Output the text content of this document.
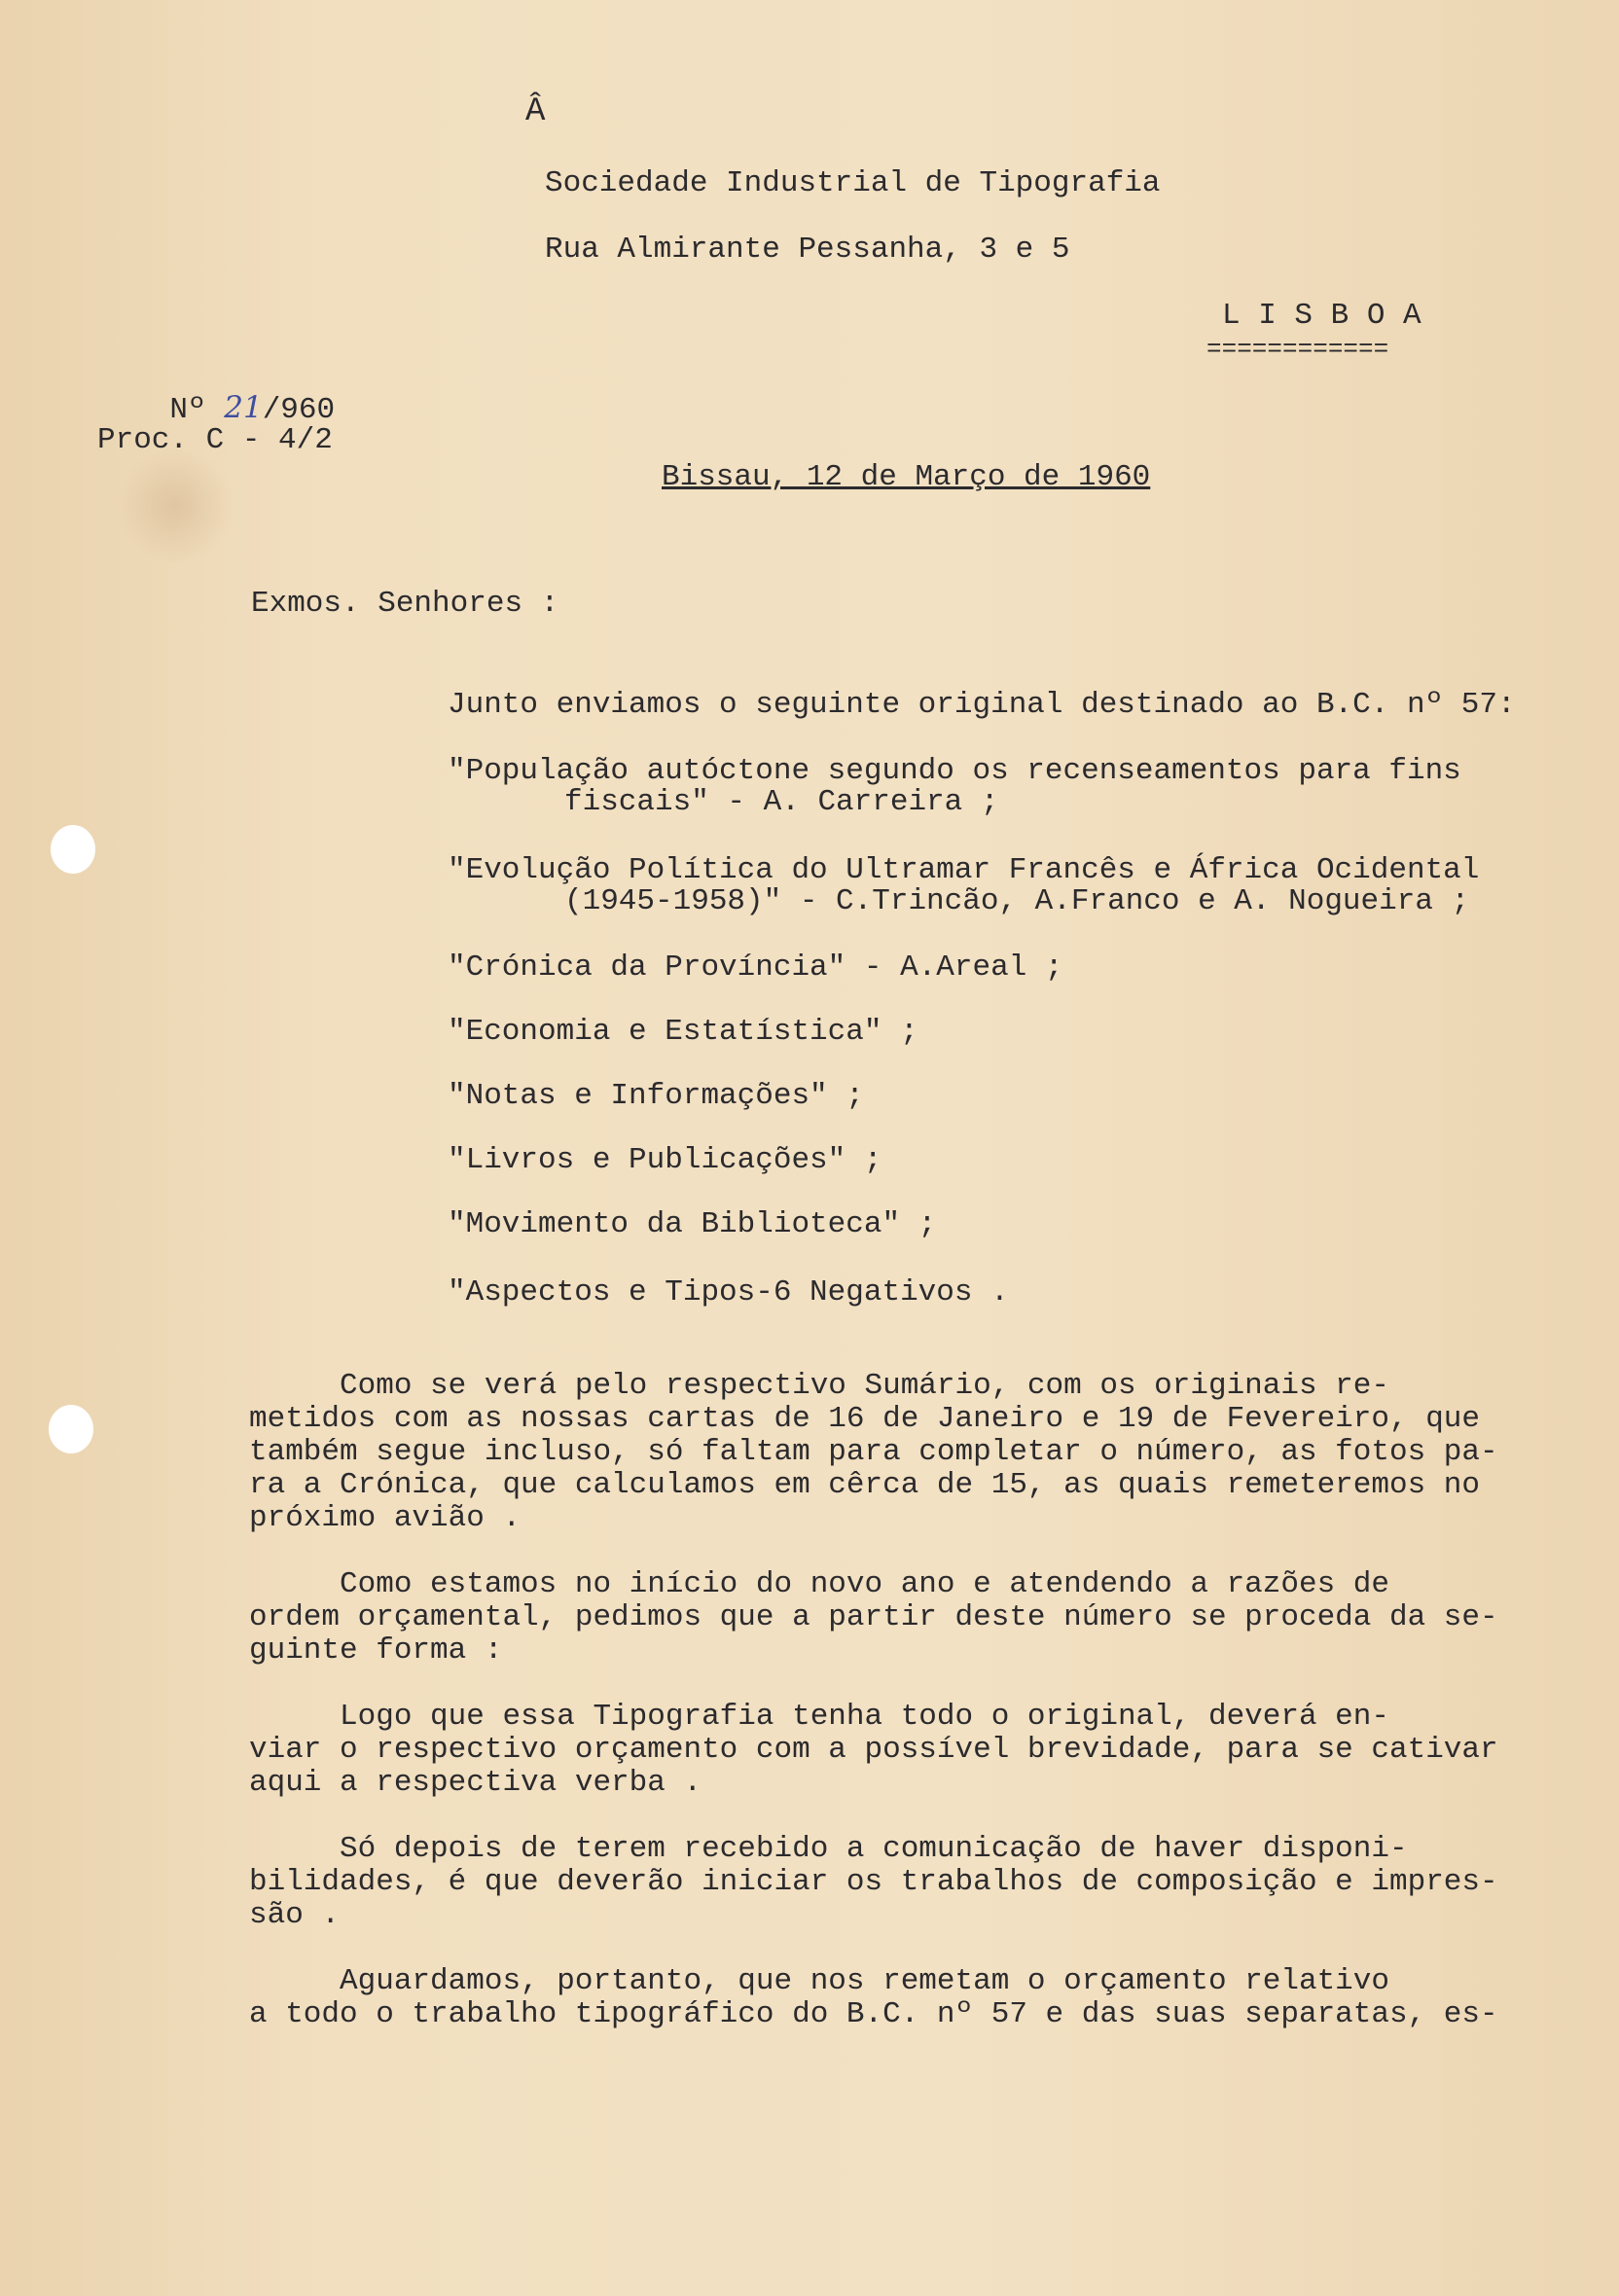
Â
Sociedade Industrial de Tipografia
Rua Almirante Pessanha, 3 e 5
L I S B O A
============

Nº 21/960

Proc. C - 4/2
Bissau, 12 de Março de 1960
Exmos. Senhores :
Junto enviamos o seguinte original destinado ao B.C. nº 57:
"População autóctone segundo os recenseamentos para fins
fiscais" - A. Carreira ;
"Evolução Política do Ultramar Francês e África Ocidental
(1945-1958)" - C.Trincão, A.Franco e A. Nogueira ;
"Crónica da Província" - A.Areal ;
"Economia e Estatística" ;
"Notas e Informações" ;
"Livros e Publicações" ;
"Movimento da Biblioteca" ;
"Aspectos e Tipos-6 Negativos .
Como se verá pelo respectivo Sumário, com os originais re-
metidos com as nossas cartas de 16 de Janeiro e 19 de Fevereiro, que
também segue incluso, só faltam para completar o número, as fotos pa-
ra a Crónica, que calculamos em cêrca de 15, as quais remeteremos no
próximo avião .
Como estamos no início do novo ano e atendendo a razões de
ordem orçamental, pedimos que a partir deste número se proceda da se-
guinte forma :
Logo que essa Tipografia tenha todo o original, deverá en-
viar o respectivo orçamento com a possível brevidade, para se cativar
aqui a respectiva verba .
Só depois de terem recebido a comunicação de haver disponi-
bilidades, é que deverão iniciar os trabalhos de composição e impres-
são .
Aguardamos, portanto, que nos remetam o orçamento relativo
a todo o trabalho tipográfico do B.C. nº 57 e das suas separatas, es-
